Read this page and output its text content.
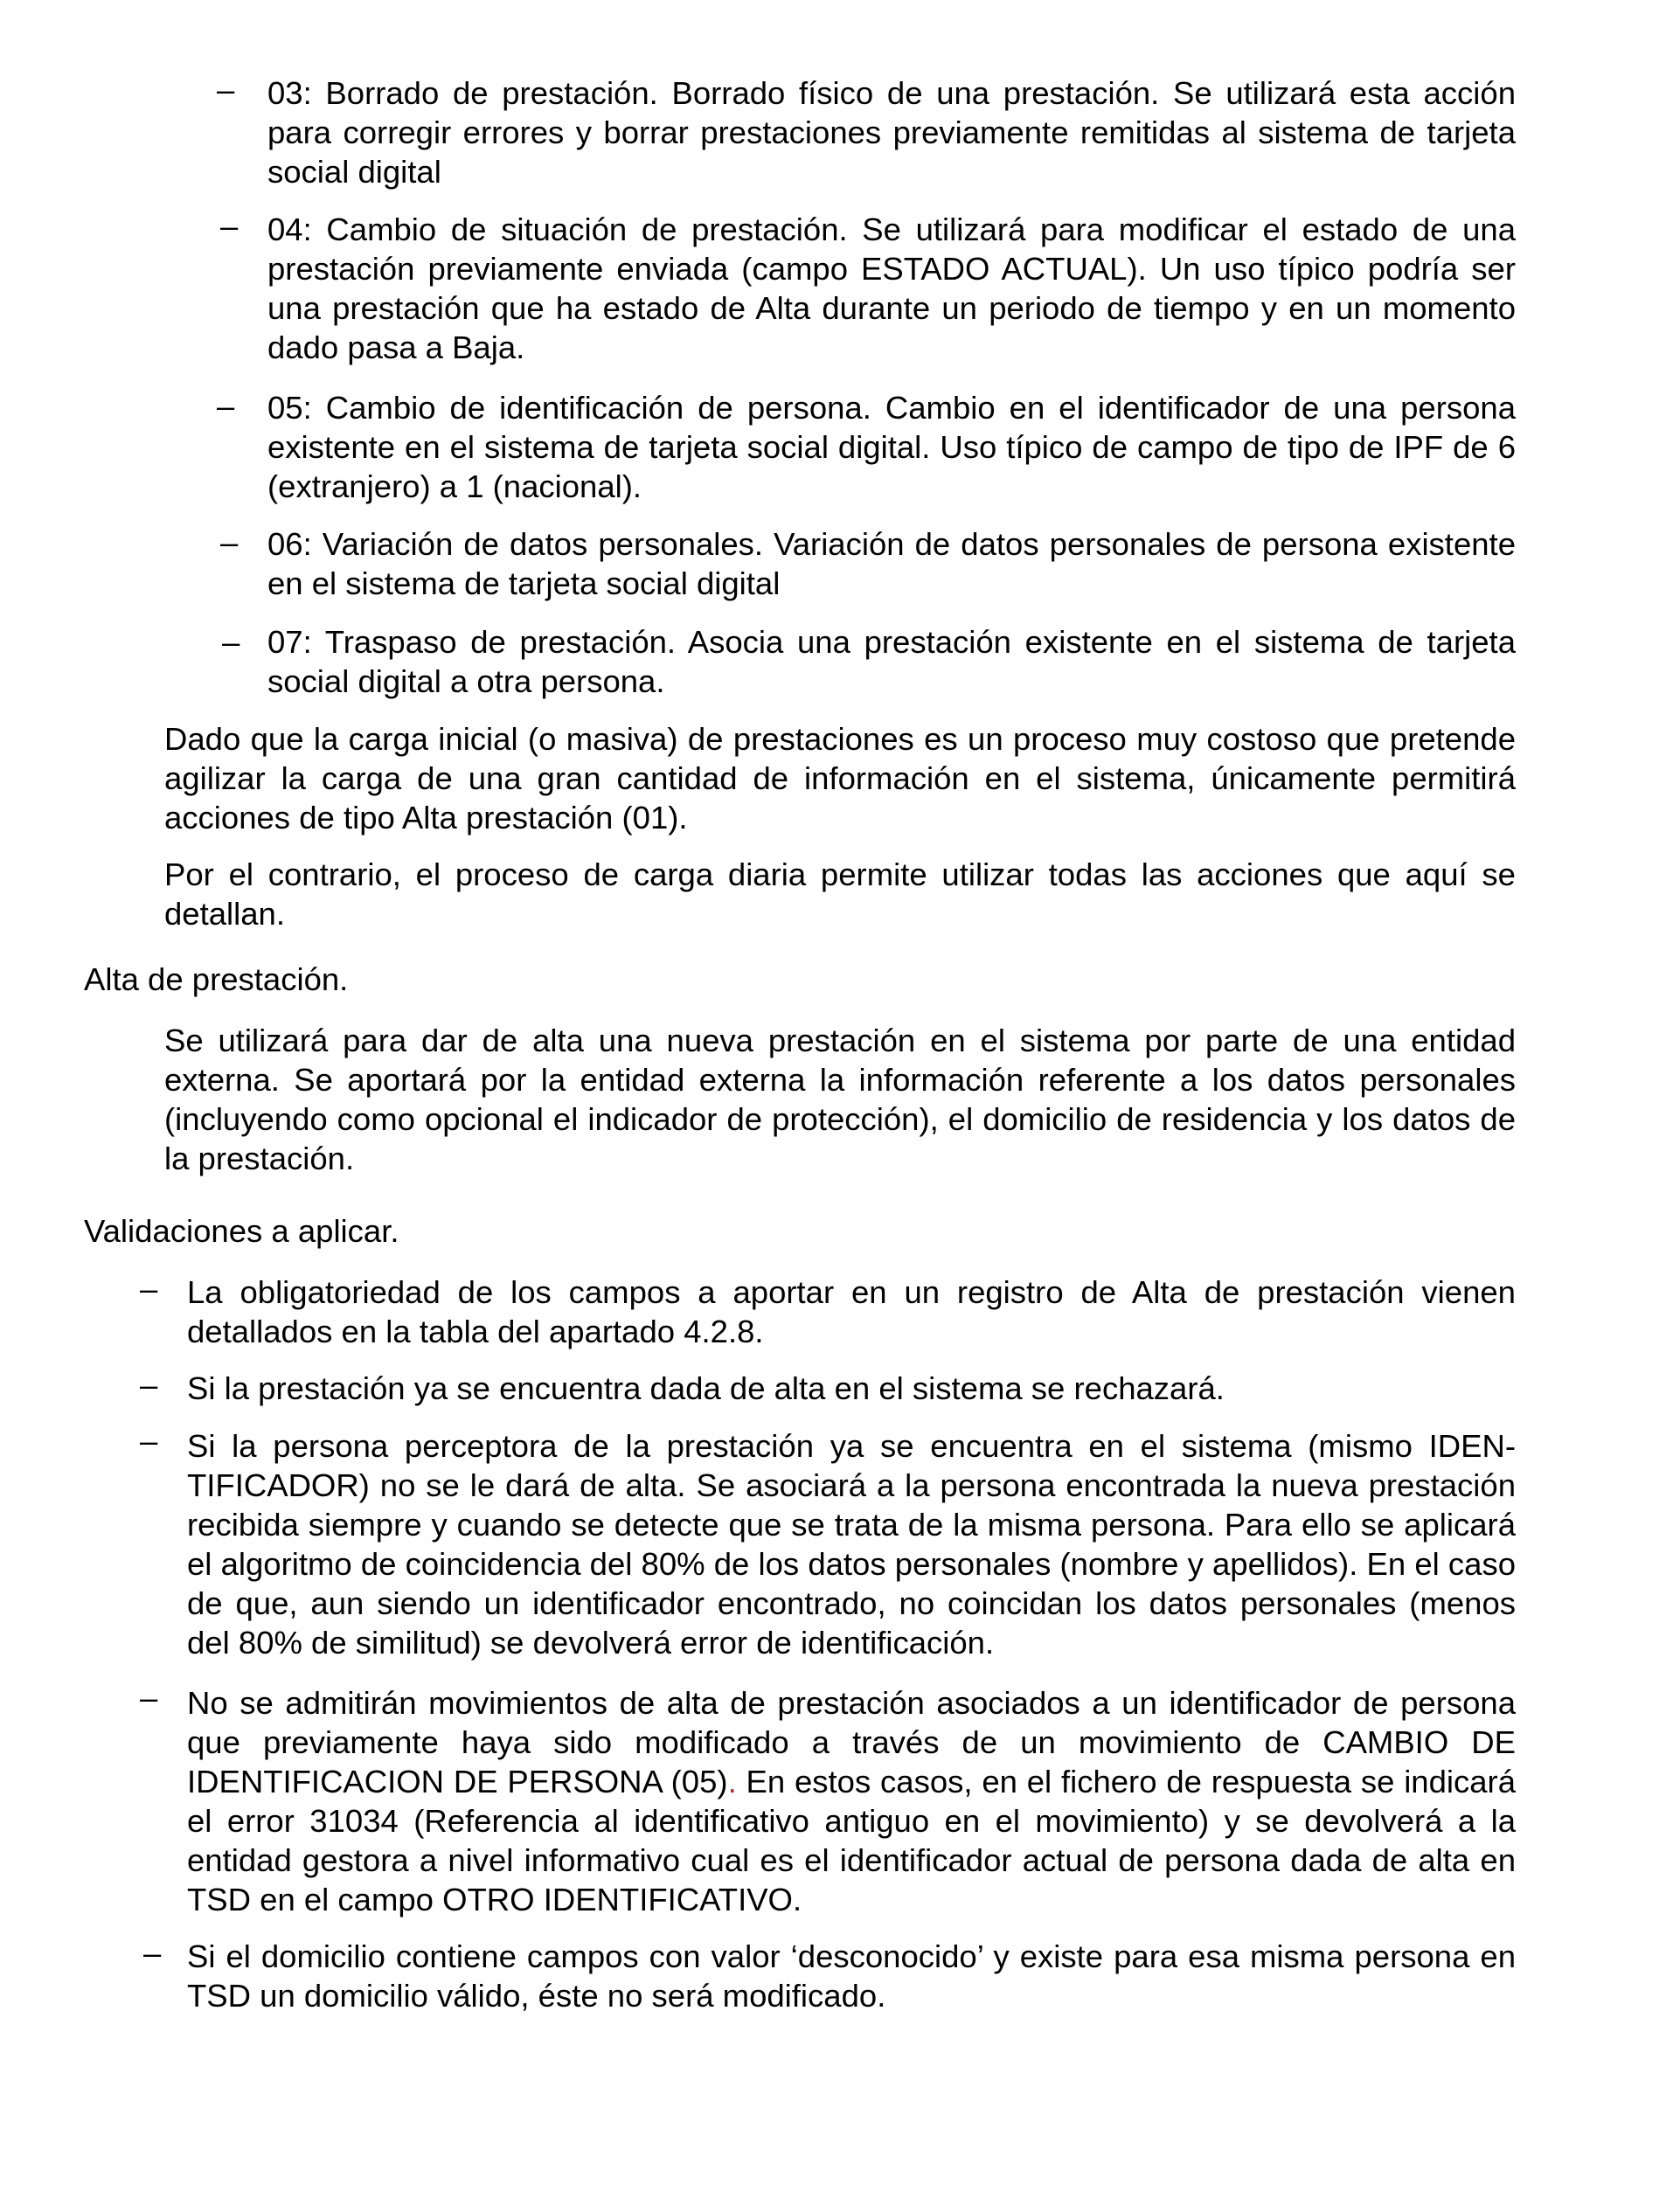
– 03: Borrado de prestación. Borrado físico de una prestación. Se utilizará esta acción para corregir errores y borrar prestaciones previamente remitidas al sistema de tarjeta social digital
– 04: Cambio de situación de prestación. Se utilizará para modificar el estado de una prestación previamente enviada (campo ESTADO ACTUAL). Un uso típico podría ser una prestación que ha estado de Alta durante un periodo de tiempo y en un momento dado pasa a Baja.
– 05: Cambio de identificación de persona. Cambio en el identificador de una persona existente en el sistema de tarjeta social digital. Uso típico de campo de tipo de IPF de 6 (extranjero) a 1 (nacional).
– 06: Variación de datos personales. Variación de datos personales de persona existente en el sistema de tarjeta social digital
– 07: Traspaso de prestación. Asocia una prestación existente en el sistema de tarjeta social digital a otra persona.
Dado que la carga inicial (o masiva) de prestaciones es un proceso muy costoso que pretende agilizar la carga de una gran cantidad de información en el sistema, únicamente permitirá acciones de tipo Alta prestación (01).
Por el contrario, el proceso de carga diaria permite utilizar todas las acciones que aquí se detallan.
Alta de prestación.
Se utilizará para dar de alta una nueva prestación en el sistema por parte de una entidad externa. Se aportará por la entidad externa la información referente a los datos personales (incluyendo como opcional el indicador de protección), el domicilio de residencia y los datos de la prestación.
Validaciones a aplicar.
– La obligatoriedad de los campos a aportar en un registro de Alta de prestación vienen detallados en la tabla del apartado 4.2.8.
– Si la prestación ya se encuentra dada de alta en el sistema se rechazará.
– Si la persona perceptora de la prestación ya se encuentra en el sistema (mismo IDENTIFICADOR) no se le dará de alta. Se asociará a la persona encontrada la nueva prestación recibida siempre y cuando se detecte que se trata de la misma persona. Para ello se aplicará el algoritmo de coincidencia del 80% de los datos personales (nombre y apellidos). En el caso de que, aun siendo un identificador encontrado, no coincidan los datos personales (menos del 80% de similitud) se devolverá error de identificación.
– No se admitirán movimientos de alta de prestación asociados a un identificador de persona que previamente haya sido modificado a través de un movimiento de CAMBIO DE IDENTIFICACION DE PERSONA (05). En estos casos, en el fichero de respuesta se indicará el error 31034 (Referencia al identificativo antiguo en el movimiento) y se devolverá a la entidad gestora a nivel informativo cual es el identificador actual de persona dada de alta en TSD en el campo OTRO IDENTIFICATIVO.
– Si el domicilio contiene campos con valor ‘desconocido’ y existe para esa misma persona en TSD un domicilio válido, éste no será modificado.
